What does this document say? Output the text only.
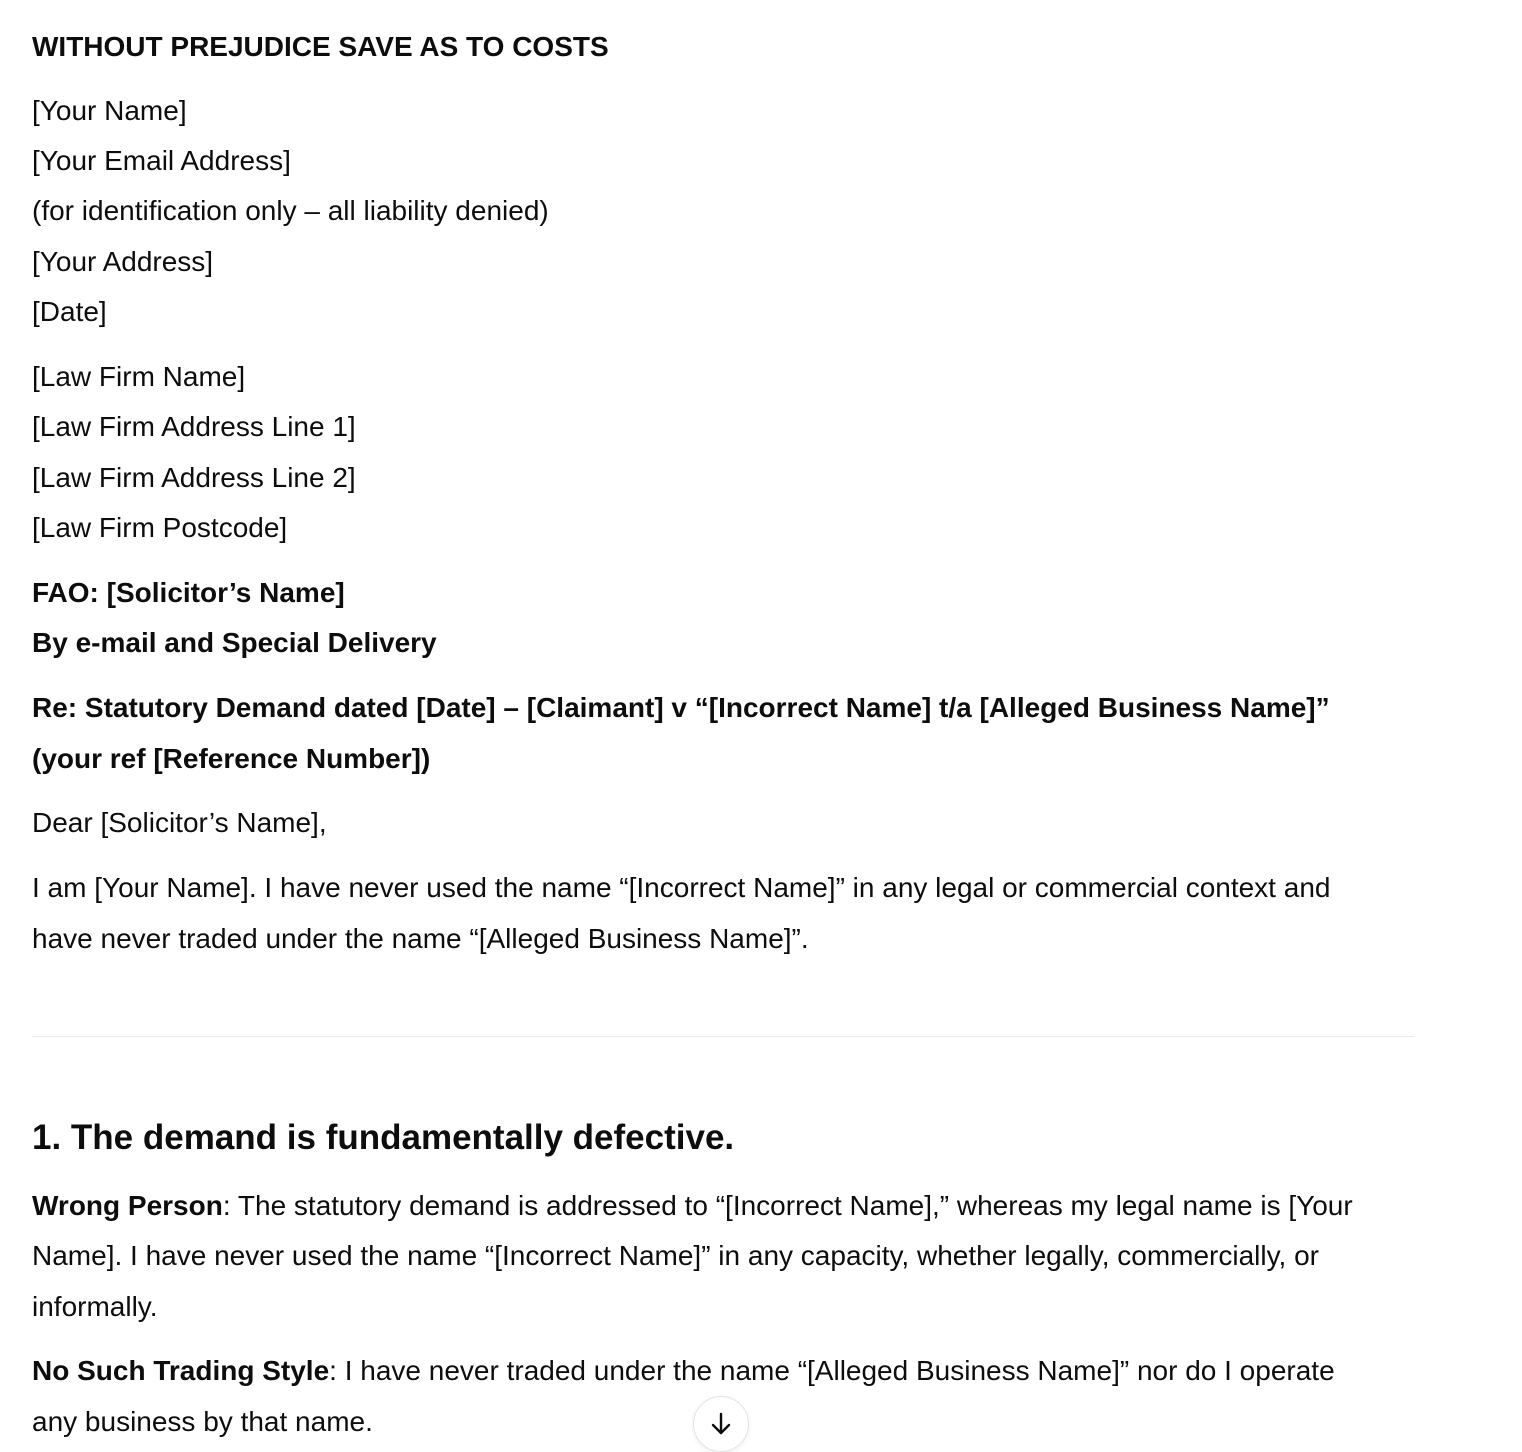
WITHOUT PREJUDICE SAVE AS TO COSTS
[Your Name]
[Your Email Address]
(for identification only – all liability denied)
[Your Address]
[Date]
[Law Firm Name]
[Law Firm Address Line 1]
[Law Firm Address Line 2]
[Law Firm Postcode]
FAO: [Solicitor’s Name]
By e-mail and Special Delivery
Re: Statutory Demand dated [Date] – [Claimant] v “[Incorrect Name] t/a [Alleged Business Name]”
(your ref [Reference Number])
Dear [Solicitor’s Name],
I am [Your Name]. I have never used the name “[Incorrect Name]” in any legal or commercial context and
have never traded under the name “[Alleged Business Name]”.
1. The demand is fundamentally defective.
Wrong Person: The statutory demand is addressed to “[Incorrect Name],” whereas my legal name is [Your
Name]. I have never used the name “[Incorrect Name]” in any capacity, whether legally, commercially, or
informally.
No Such Trading Style: I have never traded under the name “[Alleged Business Name]” nor do I operate
any business by that name.
